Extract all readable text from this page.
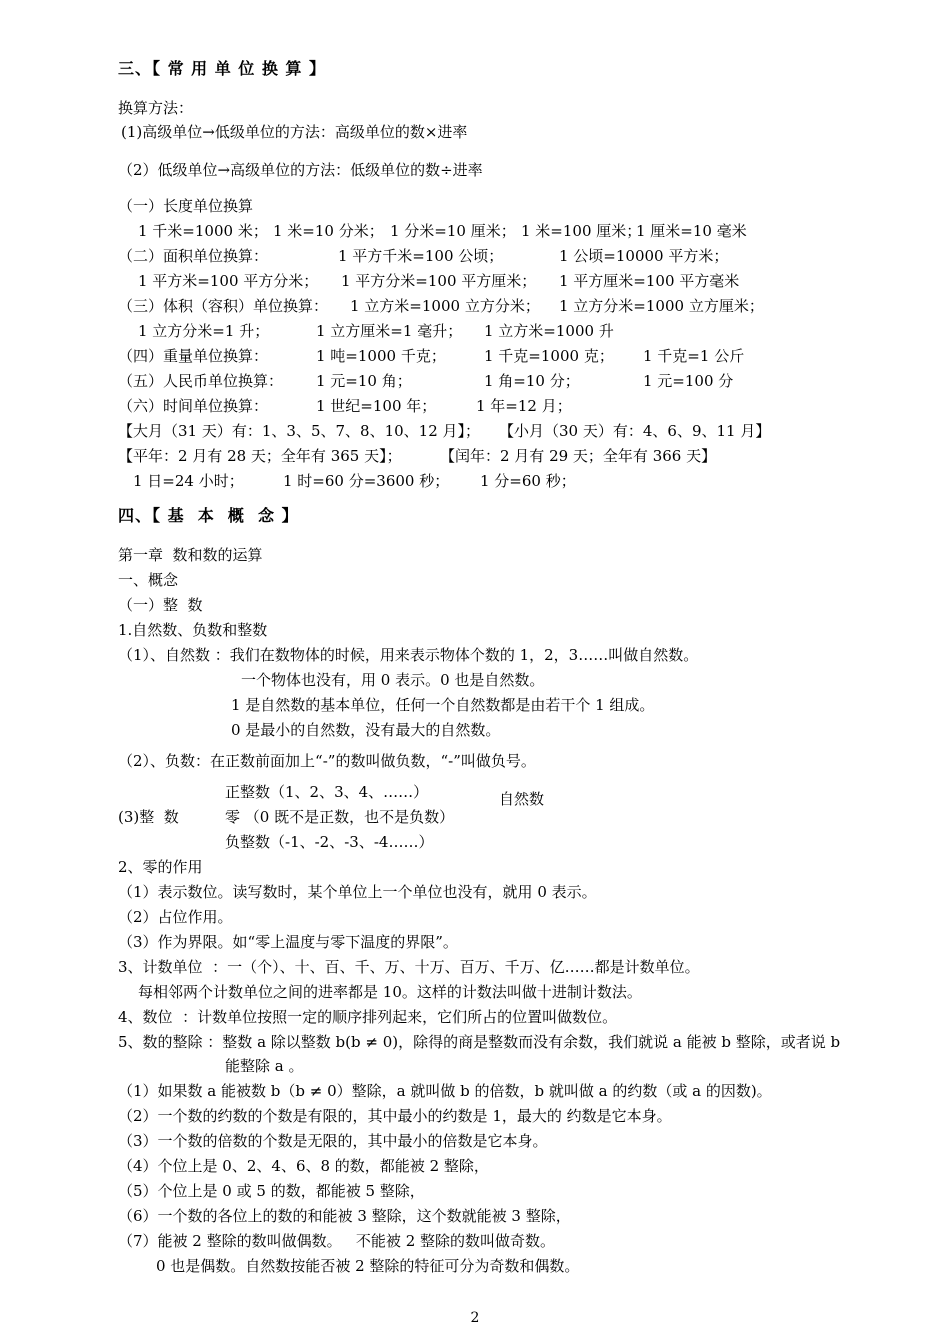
三、【 常 用 单 位 换 算 】
换算方法：
(1)高级单位→低级单位的方法：高级单位的数×进率
（2）低级单位→高级单位的方法：低级单位的数÷进率
（一）长度单位换算
1 千米=1000 米； 1 米=10 分米； 1 分米=10 厘米； 1 米=100 厘米；
1 厘米=10 毫米
（二）面积单位换算：	1 平方千米=100 公顷；	1 公顷=10000 平方米；
1 平方米=100 平方分米； 1 平方分米=100 平方厘米； 1 平方厘米=100 平方毫米
（三）体积（容积）单位换算： 1 立方米=1000 立方分米； 1 立方分米=1000 立方厘米；
1 立方分米=1 升；	1 立方厘米=1 毫升； 1 立方米=1000 升
（四）重量单位换算：	1 吨=1000 千克；	1 千克=1000 克； 1 千克=1 公斤
（五）人民币单位换算： 1 元=10 角；	1 角=10 分；	1 元=100 分
（六）时间单位换算：	1 世纪=100 年；	1 年=12 月；
【大月（31 天）有：1、3、5、7、8、10、12 月】； 【小月（30 天）有：4、6、9、11 月】
【平年：2 月有 28 天；全年有 365 天】；	【闰年：2 月有 29 天；全年有 366 天】
1 日=24 小时；	1 时=60 分=3600 秒； 1 分=60 秒；
四、【 基  本  概  念 】
第一章  数和数的运算
一、概念
（一）整  数
1.自然数、负数和整数
（1）、自然数 ：我们在数物体的时候，用来表示物体个数的 1，2，3……叫做自然数。
一个物体也没有，用 0 表示。0 也是自然数。
1 是自然数的基本单位，任何一个自然数都是由若干个 1 组成。
0 是最小的自然数，没有最大的自然数。
（2）、负数：在正数前面加上“-”的数叫做负数，“-”叫做负号。
(3)整  数
正整数（1、2、3、4、……）
零 （0 既不是正数，也不是负数）
负整数（-1、-2、-3、-4……）
自然数
2、零的作用
（1）表示数位。读写数时，某个单位上一个单位也没有，就用 0 表示。
（2）占位作用。
（3）作为界限。如“零上温度与零下温度的界限”。
3、计数单位  ：一（个）、十、百、千、万、十万、百万、千万、亿……都是计数单位。
每相邻两个计数单位之间的进率都是 10。这样的计数法叫做十进制计数法。
4、数位  ：计数单位按照一定的顺序排列起来，它们所占的位置叫做数位。
5、数的整除 ：整数 a 除以整数 b(b ≠ 0)，除得的商是整数而没有余数，我们就说 a 能被 b 整除，或者说 b
能整除 a 。
（1）如果数 a 能被数 b（b ≠ 0）整除，a 就叫做 b 的倍数，b 就叫做 a 的约数（或 a 的因数)。
（2）一个数的约数的个数是有限的，其中最小的约数是 1，最大的 约数是它本身。
（3）一个数的倍数的个数是无限的，其中最小的倍数是它本身。
（4）个位上是 0、2、4、6、8 的数，都能被 2 整除，
（5）个位上是 0 或 5 的数，都能被 5 整除，
（6）一个数的各位上的数的和能被 3 整除，这个数就能被 3 整除，
（7）能被 2 整除的数叫做偶数。   不能被 2 整除的数叫做奇数。
0 也是偶数。自然数按能否被 2 整除的特征可分为奇数和偶数。
2
